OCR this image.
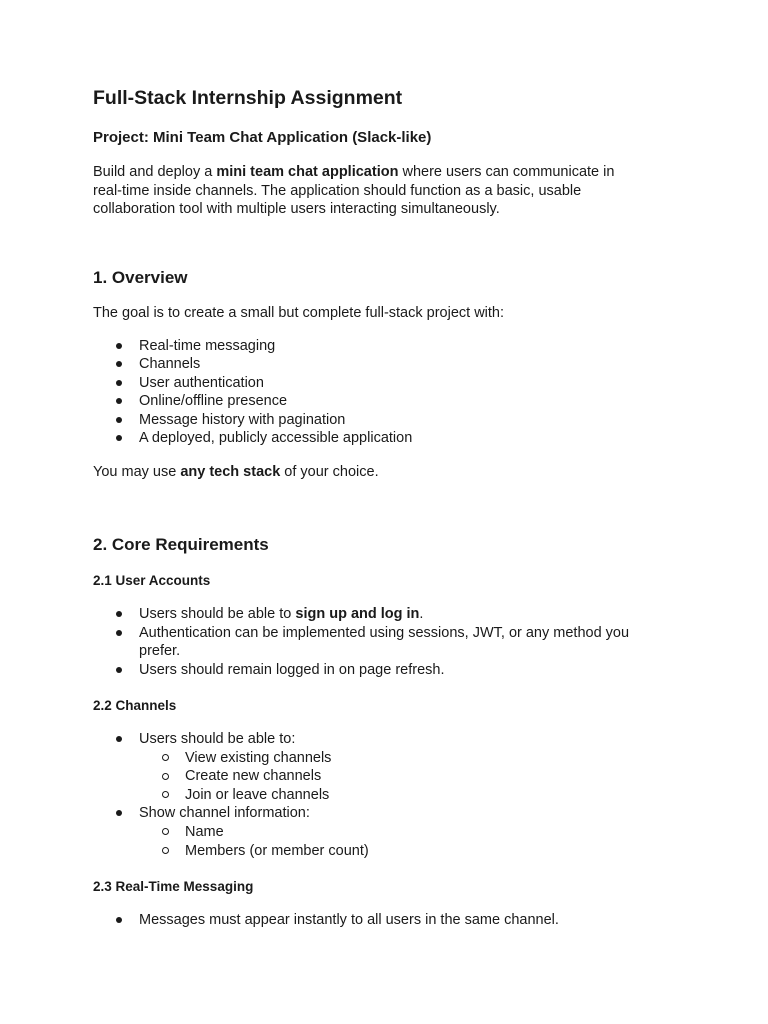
Full-Stack Internship Assignment
Project: Mini Team Chat Application (Slack-like)
Build and deploy a mini team chat application where users can communicate in
real-time inside channels. The application should function as a basic, usable
collaboration tool with multiple users interacting simultaneously.
1. Overview
The goal is to create a small but complete full-stack project with:
Real-time messaging
Channels
User authentication
Online/offline presence
Message history with pagination
A deployed, publicly accessible application
You may use any tech stack of your choice.
2. Core Requirements
2.1 User Accounts
Users should be able to sign up and log in.
Authentication can be implemented using sessions, JWT, or any method you
prefer.
Users should remain logged in on page refresh.
2.2 Channels
Users should be able to:
View existing channels
Create new channels
Join or leave channels
Show channel information:
Name
Members (or member count)
2.3 Real-Time Messaging
Messages must appear instantly to all users in the same channel.
